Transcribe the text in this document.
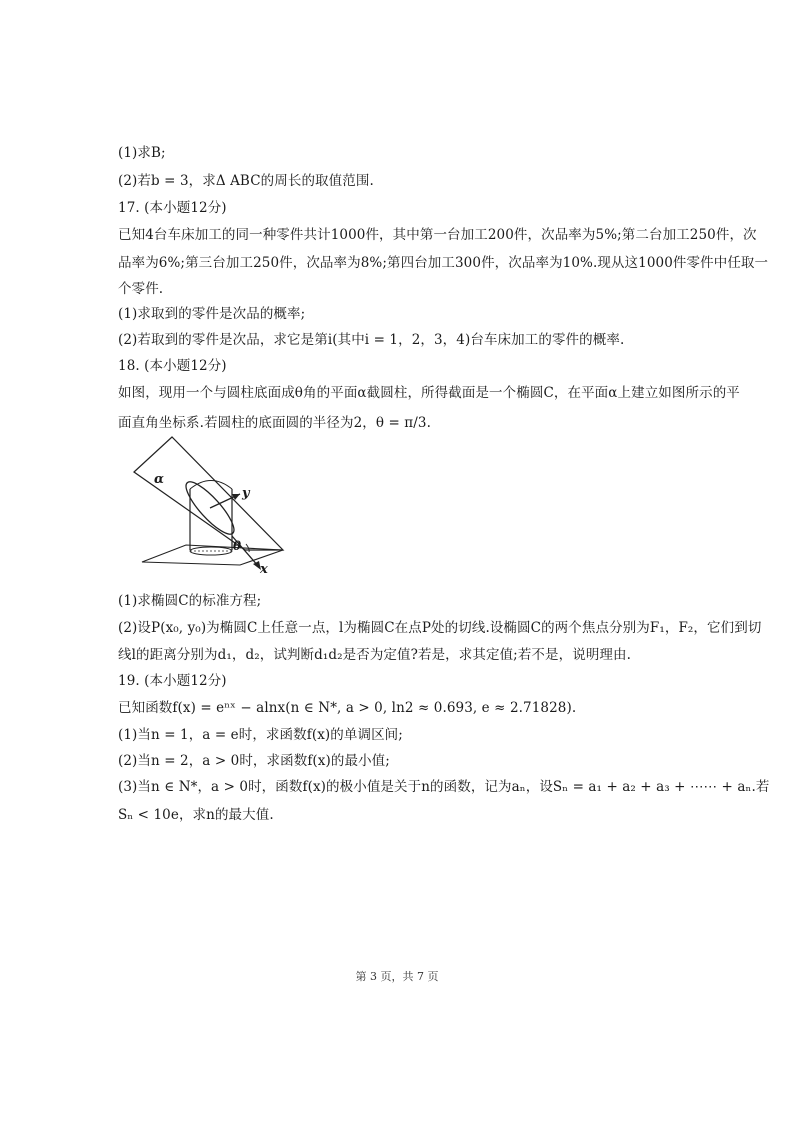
(1)求B;
(2)若b = 3，求Δ ABC的周长的取值范围.
17. (本小题12分)
已知4台车床加工的同一种零件共计1000件，其中第一台加工200件，次品率为5%;第二台加工250件，次
品率为6%;第三台加工250件，次品率为8%;第四台加工300件，次品率为10%.现从这1000件零件中任取一
个零件.
(1)求取到的零件是次品的概率;
(2)若取到的零件是次品，求它是第i(其中i = 1，2，3，4)台车床加工的零件的概率.
18. (本小题12分)
如图，现用一个与圆柱底面成θ角的平面α截圆柱，所得截面是一个椭圆C，在平面α上建立如图所示的平
面直角坐标系.若圆柱的底面圆的半径为2，θ = π/3.
α
y
x
θ
(1)求椭圆C的标准方程;
(2)设P(x₀, y₀)为椭圆C上任意一点，l为椭圆C在点P处的切线.设椭圆C的两个焦点分别为F₁，F₂，它们到切
线l的距离分别为d₁，d₂，试判断d₁d₂是否为定值?若是，求其定值;若不是，说明理由.
19. (本小题12分)
已知函数f(x) = eⁿˣ − alnx(n ∈ N*, a > 0, ln2 ≈ 0.693, e ≈ 2.71828).
(1)当n = 1，a = e时，求函数f(x)的单调区间;
(2)当n = 2，a > 0时，求函数f(x)的最小值;
(3)当n ∈ N*，a > 0时，函数f(x)的极小值是关于n的函数，记为aₙ，设Sₙ = a₁ + a₂ + a₃ + ⋯⋯ + aₙ.若
Sₙ < 10e，求n的最大值.
第 3 页，共 7 页
